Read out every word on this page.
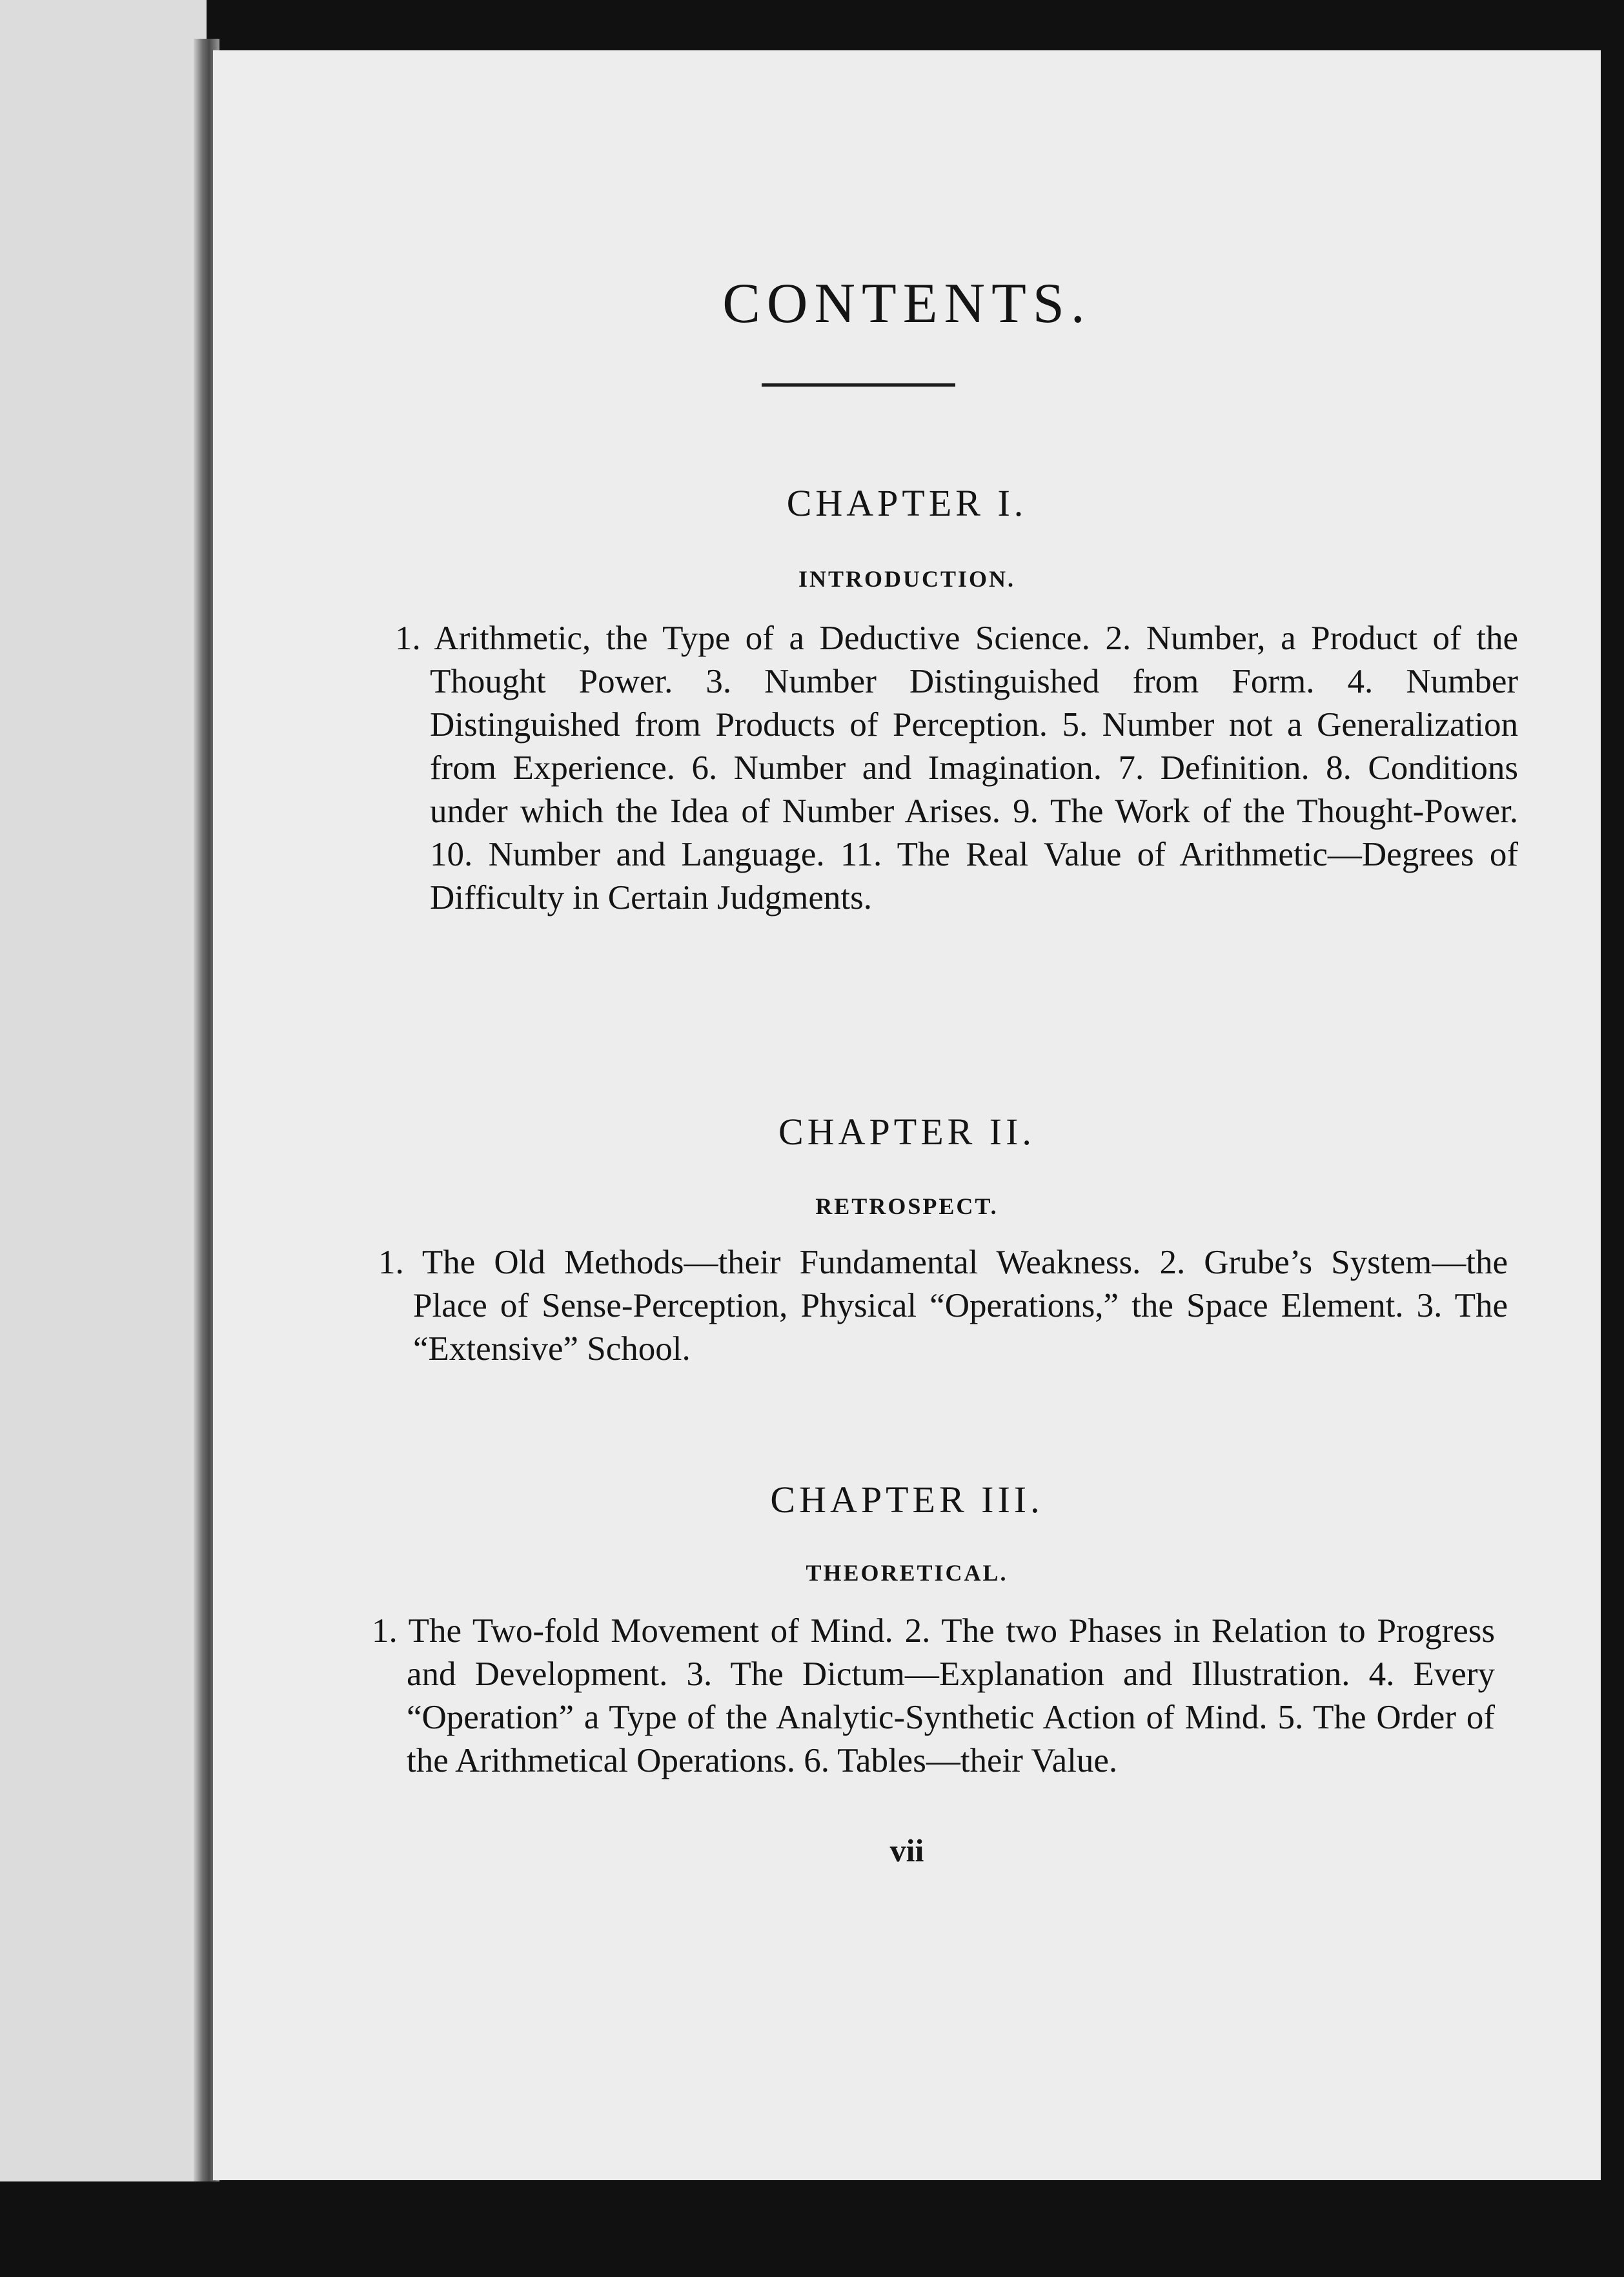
CONTENTS.
CHAPTER I.
INTRODUCTION.
1. Arithmetic, the Type of a Deductive Science. 2. Number, a Product of the Thought Power. 3. Number Distinguished from Form. 4. Number Distinguished from Products of Perception. 5. Number not a Generalization from Experience. 6. Number and Imagination. 7. Definition. 8. Conditions under which the Idea of Number Arises. 9. The Work of the Thought-Power. 10. Number and Language. 11. The Real Value of Arithmetic—Degrees of Difficulty in Certain Judgments.
CHAPTER II.
RETROSPECT.
1. The Old Methods—their Fundamental Weakness. 2. Grube’s System—the Place of Sense-Perception, Physical “Operations,” the Space Element. 3. The “Extensive” School.
CHAPTER III.
THEORETICAL.
1. The Two-fold Movement of Mind. 2. The two Phases in Relation to Progress and Development. 3. The Dictum—Explanation and Illustration. 4. Every “Operation” a Type of the Analytic-Synthetic Action of Mind. 5. The Order of the Arithmetical Operations. 6. Tables—their Value.
vii
